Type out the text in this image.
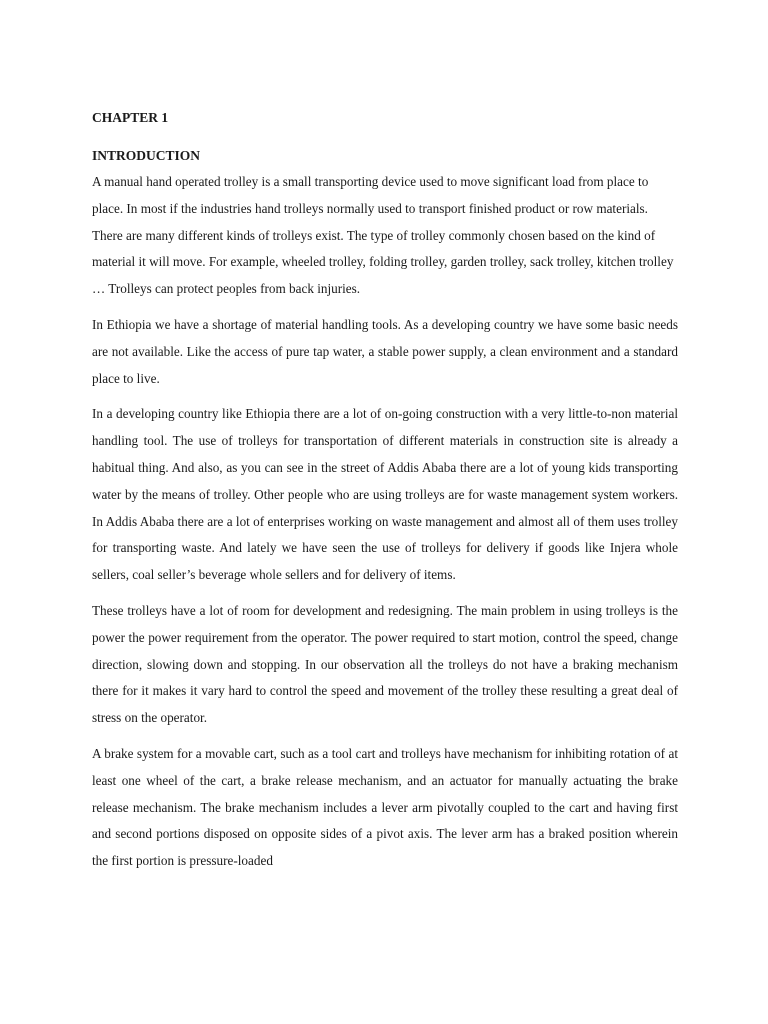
CHAPTER 1

INTRODUCTION

A manual hand operated trolley is a small transporting device used to move significant load from place to place. In most if the industries hand trolleys normally used to transport finished product or row materials. There are many different kinds of trolleys exist. The type of trolley commonly chosen based on the kind of material it will move. For example, wheeled trolley, folding trolley, garden trolley, sack trolley, kitchen trolley … Trolleys can protect peoples from back injuries.

In Ethiopia we have a shortage of material handling tools. As a developing country we have some basic needs are not available. Like the access of pure tap water, a stable power supply, a clean environment and a standard place to live.

In a developing country like Ethiopia there are a lot of on-going construction with a very little-to-non material handling tool. The use of trolleys for transportation of different materials in construction site is already a habitual thing. And also, as you can see in the street of Addis Ababa there are a lot of young kids transporting water by the means of trolley. Other people who are using trolleys are for waste management system workers. In Addis Ababa there are a lot of enterprises working on waste management and almost all of them uses trolley for transporting waste. And lately we have seen the use of trolleys for delivery if goods like Injera whole sellers, coal seller’s beverage whole sellers and for delivery of items.

These trolleys have a lot of room for development and redesigning. The main problem in using trolleys is the power the power requirement from the operator. The power required to start motion, control the speed, change direction, slowing down and stopping. In our observation all the trolleys do not have a braking mechanism there for it makes it vary hard to control the speed and movement of the trolley these resulting a great deal of stress on the operator.

A brake system for a movable cart, such as a tool cart and trolleys have mechanism for inhibiting rotation of at least one wheel of the cart, a brake release mechanism, and an actuator for manually actuating the brake release mechanism. The brake mechanism includes a lever arm pivotally coupled to the cart and having first and second portions disposed on opposite sides of a pivot axis. The lever arm has a braked position wherein the first portion is pressure-loaded
